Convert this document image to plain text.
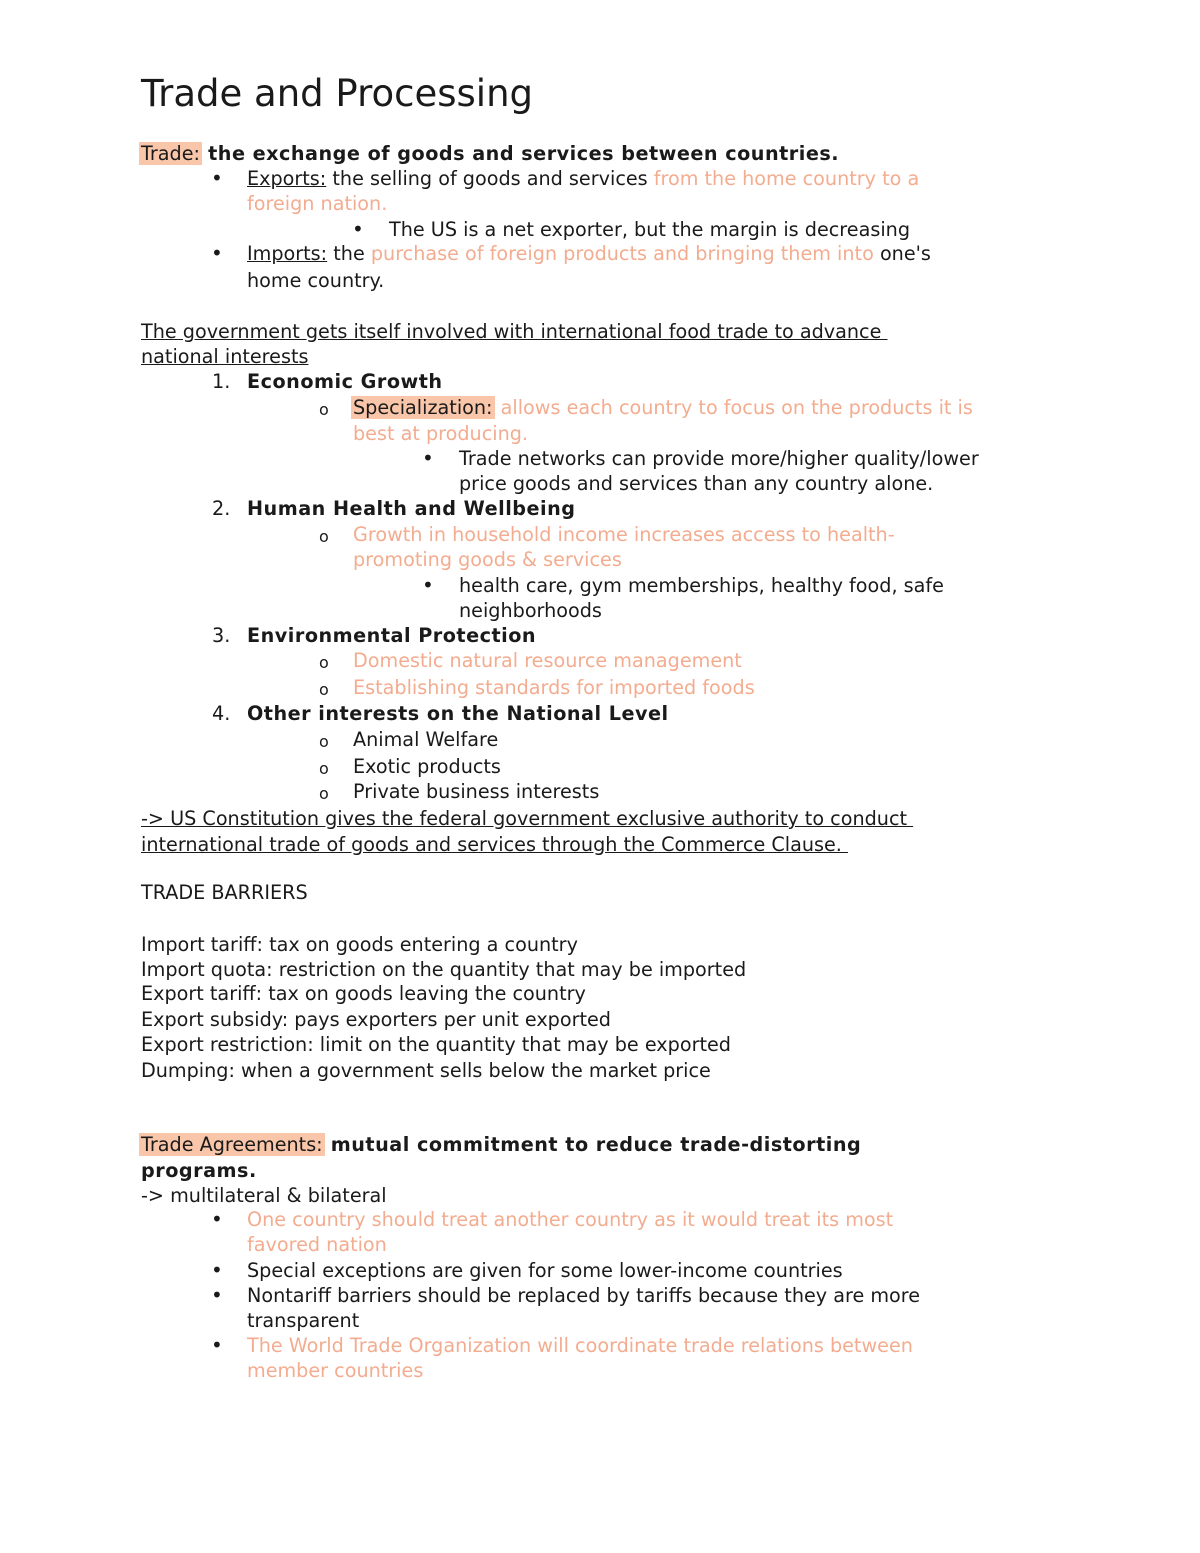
Trade and Processing
Trade: the exchange of goods and services between countries.
• Exports: the selling of goods and services from the home country to a
foreign nation.
• The US is a net exporter, but the margin is decreasing
• Imports: the purchase of foreign products and bringing them into one's
home country.
The government gets itself involved with international food trade to advance
national interests
1. Economic Growth
o Specialization: allows each country to focus on the products it is
best at producing.
• Trade networks can provide more/higher quality/lower
price goods and services than any country alone.
2. Human Health and Wellbeing
o Growth in household income increases access to health-
promoting goods & services
• health care, gym memberships, healthy food, safe
neighborhoods
3. Environmental Protection
o Domestic natural resource management
o Establishing standards for imported foods
4. Other interests on the National Level
o Animal Welfare
o Exotic products
o Private business interests
-> US Constitution gives the federal government exclusive authority to conduct
international trade of goods and services through the Commerce Clause.
TRADE BARRIERS
Import tariff: tax on goods entering a country
Import quota: restriction on the quantity that may be imported
Export tariff: tax on goods leaving the country
Export subsidy: pays exporters per unit exported
Export restriction: limit on the quantity that may be exported
Dumping: when a government sells below the market price
Trade Agreements: mutual commitment to reduce trade-distorting
programs.
-> multilateral & bilateral
• One country should treat another country as it would treat its most
favored nation
• Special exceptions are given for some lower-income countries
• Nontariff barriers should be replaced by tariffs because they are more
transparent
• The World Trade Organization will coordinate trade relations between
member countries
